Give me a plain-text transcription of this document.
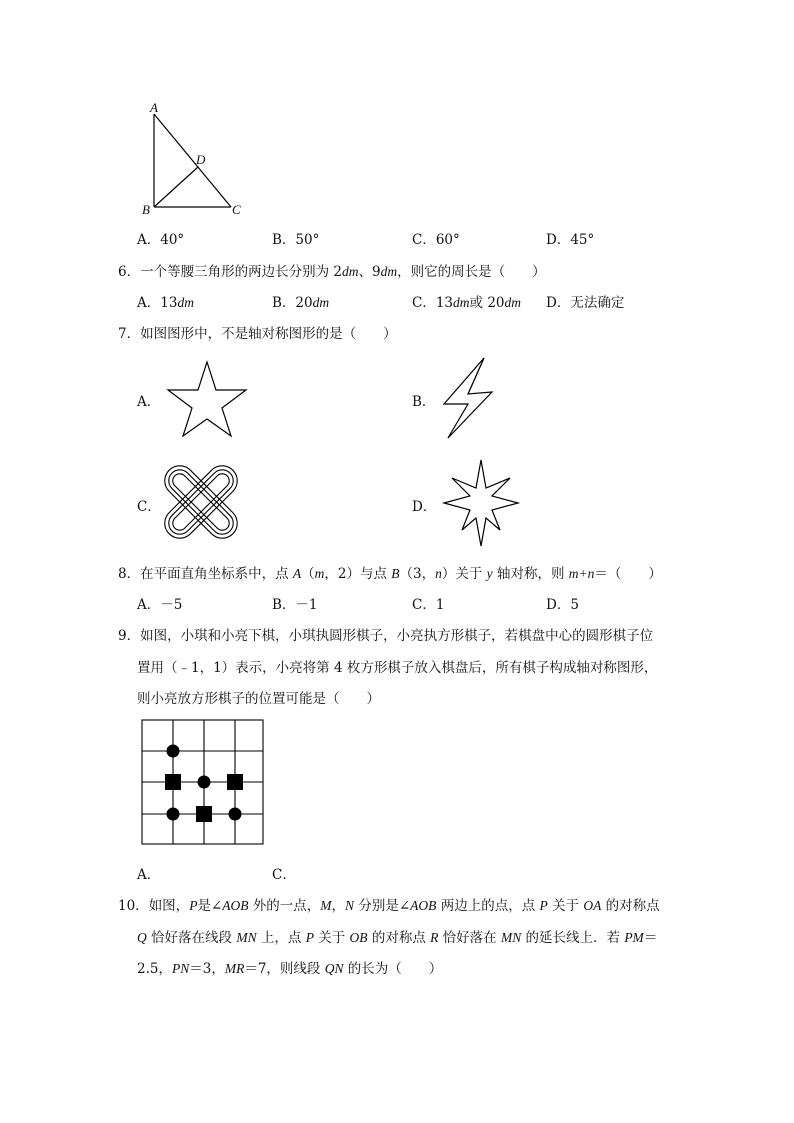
A
D
B	C
A．40°	B．50°	C．60°	D．45°
6．一个等腰三角形的两边长分别为 2dm、9dm，则它的周长是（　　）
A．13dm	B．20dm	C．13dm或 20dm D．无法确定
7．如图图形中，不是轴对称图形的是（　　）
A．	B．
C．	D．
8．在平面直角坐标系中，点 A（m，2）与点 B（3，n）关于 y 轴对称，则 m+n＝（　　）
A．－5	B．－1	C．1	D．5
9．如图，小琪和小亮下棋，小琪执圆形棋子，小亮执方形棋子，若棋盘中心的圆形棋子位
置用（﹣1，1）表示，小亮将第 4 枚方形棋子放入棋盘后，所有棋子构成轴对称图形，
则小亮放方形棋子的位置可能是（　　）
A．	C．
10．如图，P是∠AOB 外的一点，M，N 分别是∠AOB 两边上的点，点 P 关于 OA 的对称点
Q 恰好落在线段 MN 上，点 P 关于 OB 的对称点 R 恰好落在 MN 的延长线上．若 PM＝
2.5，PN＝3，MR＝7，则线段 QN 的长为（　　）
